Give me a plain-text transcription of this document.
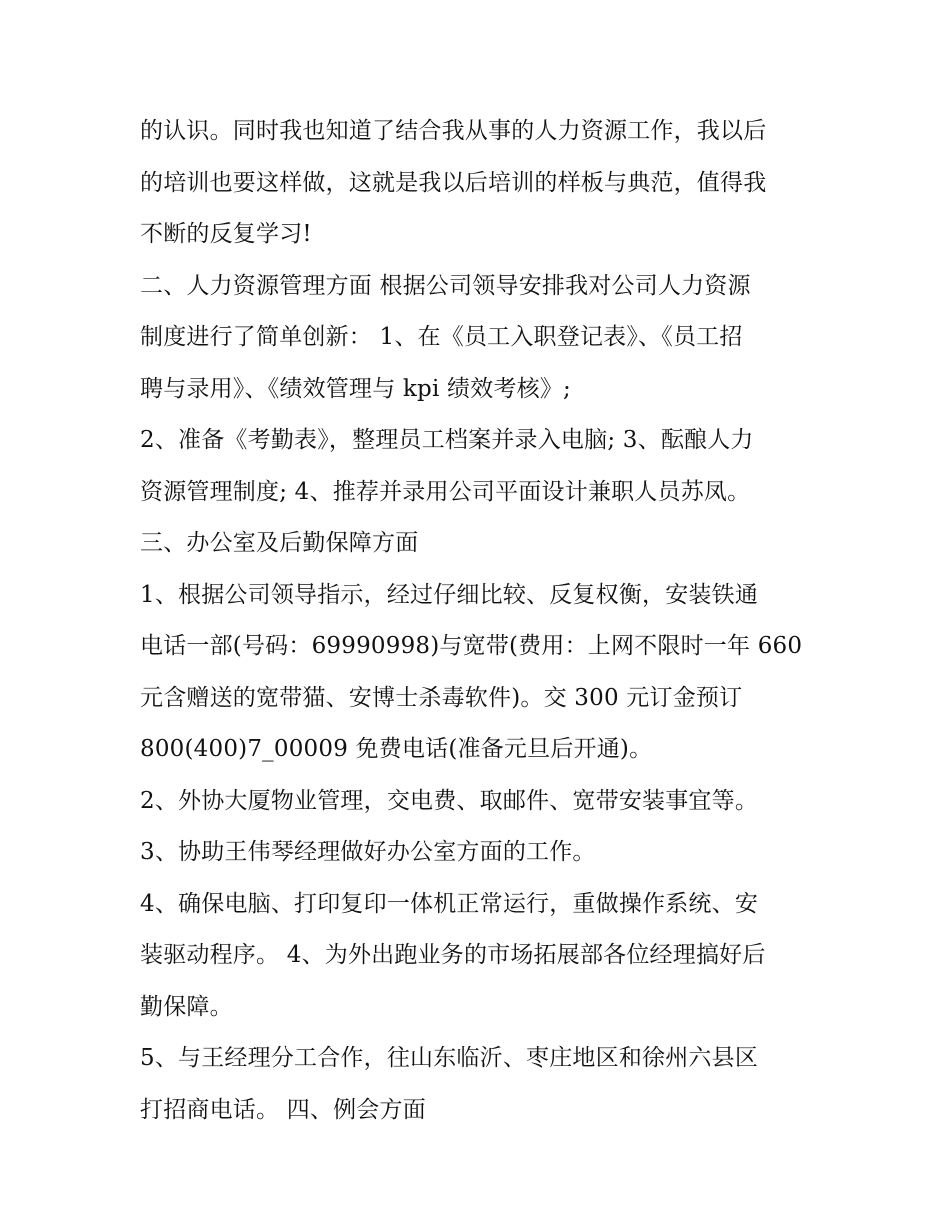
的认识。同时我也知道了结合我从事的人力资源工作，我以后
的培训也要这样做，这就是我以后培训的样板与典范，值得我
不断的反复学习!
二、人力资源管理方面 根据公司领导安排我对公司人力资源
制度进行了简单创新： 1、在《员工入职登记表》、《员工招
聘与录用》、《绩效管理与 kpi 绩效考核》;
2、准备《考勤表》，整理员工档案并录入电脑; 3、酝酿人力
资源管理制度; 4、推荐并录用公司平面设计兼职人员苏凤。
三、办公室及后勤保障方面
1、根据公司领导指示，经过仔细比较、反复权衡，安装铁通
电话一部(号码：69990998)与宽带(费用：上网不限时一年 660
元含赠送的宽带猫、安博士杀毒软件)。交 300 元订金预订
800(400)7_00009 免费电话(准备元旦后开通)。
2、外协大厦物业管理，交电费、取邮件、宽带安装事宜等。
3、协助王伟琴经理做好办公室方面的工作。
4、确保电脑、打印复印一体机正常运行，重做操作系统、安
装驱动程序。 4、为外出跑业务的市场拓展部各位经理搞好后
勤保障。
5、与王经理分工合作，往山东临沂、枣庄地区和徐州六县区
打招商电话。 四、例会方面
